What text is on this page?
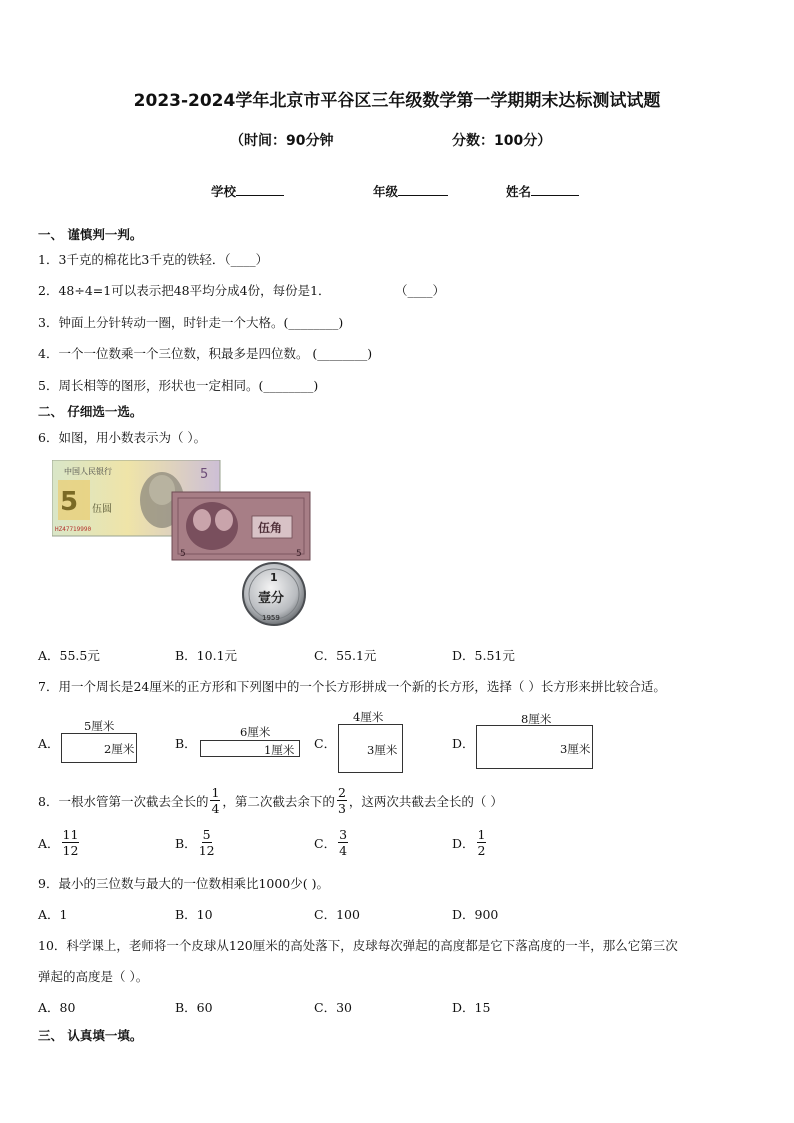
2023-2024学年北京市平谷区三年级数学第一学期期末达标测试试题
（时间：90分钟	分数：100分）
学校	年级	姓名
一、 谨慎判一判。
1．3千克的棉花比3千克的铁轻．（____）
2．48÷4=1可以表示把48平均分成4份，每份是1．	（____）
3．钟面上分针转动一圈，时针走一个大格。(________)
4．一个一位数乘一个三位数，积最多是四位数。 (________)
5．周长相等的图形，形状也一定相同。(________)
二、 仔细选一选。
6．如图，用小数表示为（ ）。
中国人民银行
5 伍圆
HZ47719990
5
伍角
5	5
1
壹分
1959
A．55.5元	B．10.1元	C．55.1元	D．5.51元
7．用一个周长是24厘米的正方形和下列图中的一个长方形拼成一个新的长方形，选择（ ）长方形来拼比较合适。
A．
5厘米
2厘米	B．
6厘米
1厘米 C．
4厘米
3厘米	D．
8厘米
3厘米
8．一根水管第一次截去全长的 $\frac{1}{4}$ ，第二次截去余下的 $\frac{2}{3}$ ，这两次共截去全长的（ ）
A． $\frac{11}{12}$	B． $\frac{5}{12}$	C． $\frac{3}{4}$	D． $\frac{1}{2}$
9．最小的三位数与最大的一位数相乘比1000少( )。
A．1	B．10	C．100	D．900
10．科学课上，老师将一个皮球从120厘米的高处落下，皮球每次弹起的高度都是它下落高度的一半，那么它第三次
弹起的高度是（ ）。
A．80	B．60	C．30	D．15
三、 认真填一填。
